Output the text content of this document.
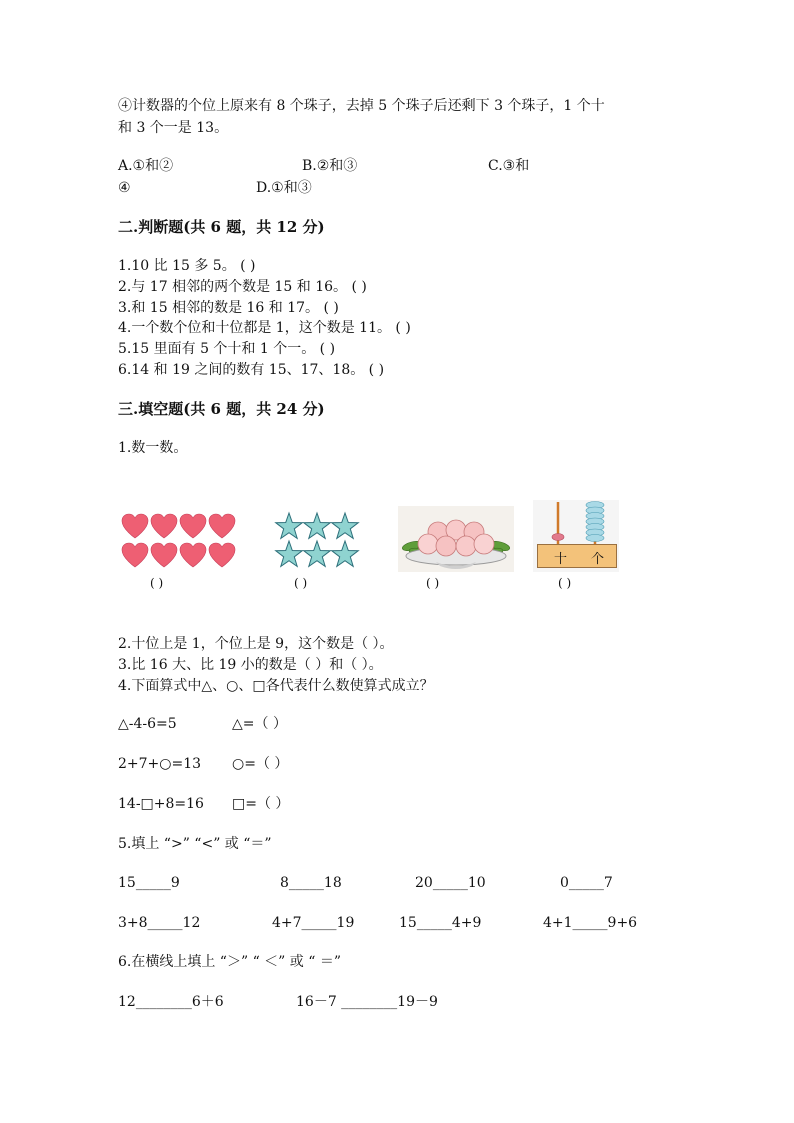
④计数器的个位上原来有 8 个珠子，去掉 5 个珠子后还剩下 3 个珠子，1 个十
和 3 个一是 13。
A.①和②	B.②和③	C.③和
④	D.①和③
二.判断题(共 6 题，共 12 分)
1.10 比 15 多 5。 ( )
2.与 17 相邻的两个数是 15 和 16。 ( )
3.和 15 相邻的数是 16 和 17。 ( )
4.一个数个位和十位都是 1，这个数是 11。 ( )
5.15 里面有 5 个十和 1 个一。 ( )
6.14 和 19 之间的数有 15、17、18。 ( )
三.填空题(共 6 题，共 24 分)
1.数一数。
( )	( )	( )
十 个
( )
2.十位上是 1，个位上是 9，这个数是（ ）。
3.比 16 大、比 19 小的数是（ ）和（ ）。
4.下面算式中△、○、□各代表什么数使算式成立？
△-4-6=5	△=（ ）
2+7+○=13 ○=（ ）
14-□+8=16 □=（ ）
5.填上 “>” “<” 或 “＝”
15_____9	8_____18	20_____10	0_____7
3+8_____12	4+7_____19	15_____4+9	4+1_____9+6
6.在横线上填上 “＞” “ ＜” 或 “ ＝”
12________6＋6	16－7 ________19－9
